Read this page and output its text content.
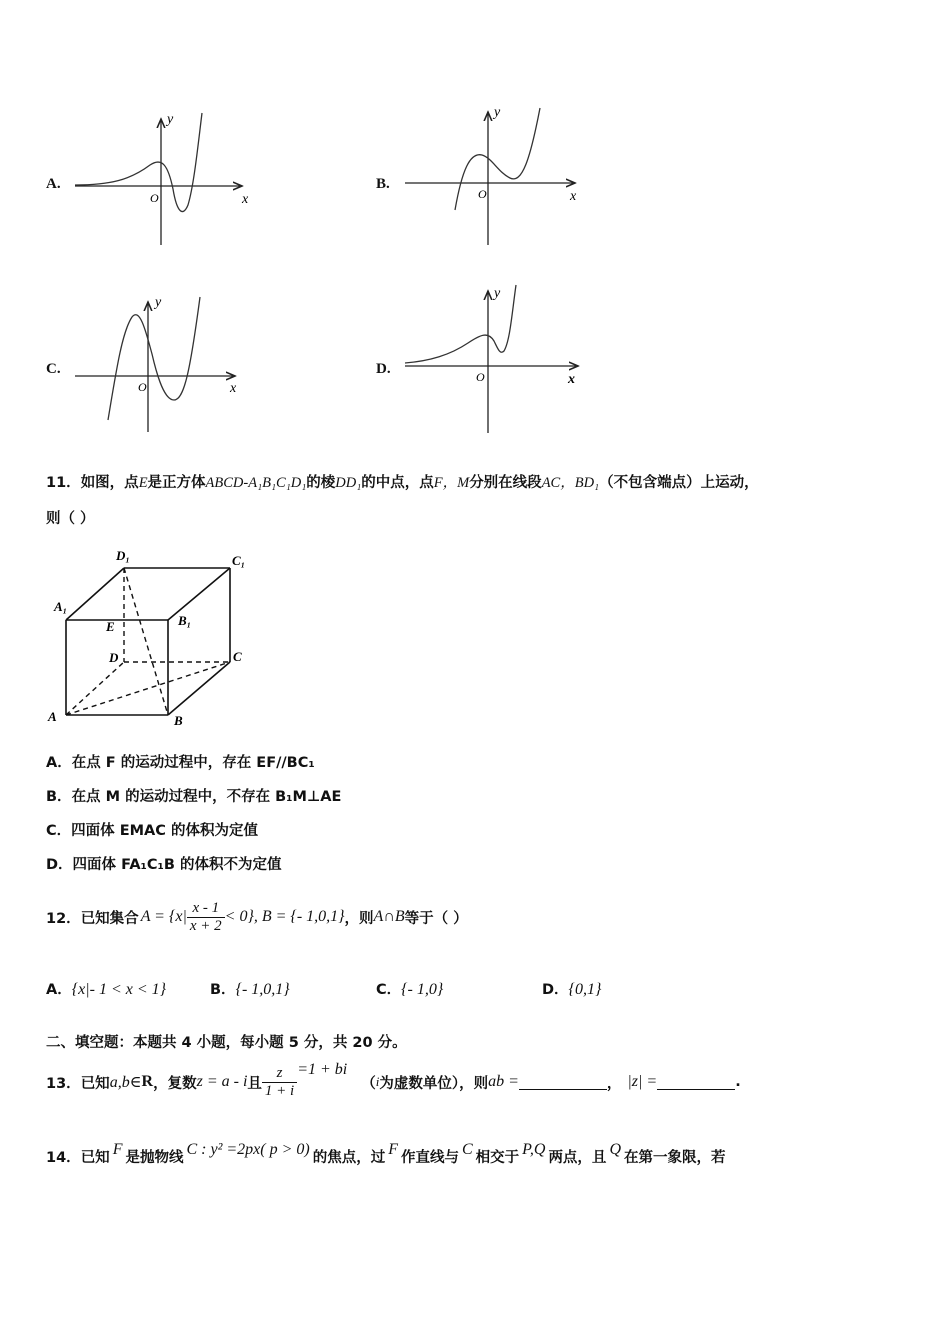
A.
x
y
O
B.
x
y
O
C.
x
y
O
D.
x
y
O
11．如图，点E是正方体ABCD-A₁B₁C₁D₁的棱DD₁的中点，点F，M分别在线段AC，BD₁（不包含端点）上运动，
则（ ）
D₁	C₁
A₁
B₁
E
D	C
A	B
A．在点 F 的运动过程中，存在 EF//BC₁
B．在点 M 的运动过程中，不存在 B₁M⊥AE
C．四面体 EMAC 的体积为定值
D．四面体 FA₁C₁B 的体积不为定值
12． 已知集合 $A = \{x| \frac{x - 1}{x + 2} < 0\}$, B = {- 1,0,1} ，则 A∩B 等于（ ）
A．{x|- 1 < x < 1}	B．{- 1,0,1}	C．{- 1,0}	D．{0,1}
二、填空题：本题共 4 小题，每小题 5 分，共 20 分。
13． 已知 a,b∈ R ，复数 z = a - i 且 $\frac{z}{1 + i} =1$ + bi
（ i 为虚数单位），则 ab =	， |z| =	.
14． 已知 F 是抛物线 C : y² =2px( p > 0) 的焦点，过 F 作直线与 C 相交于 P,Q 两点，且 Q 在第一象限，若
